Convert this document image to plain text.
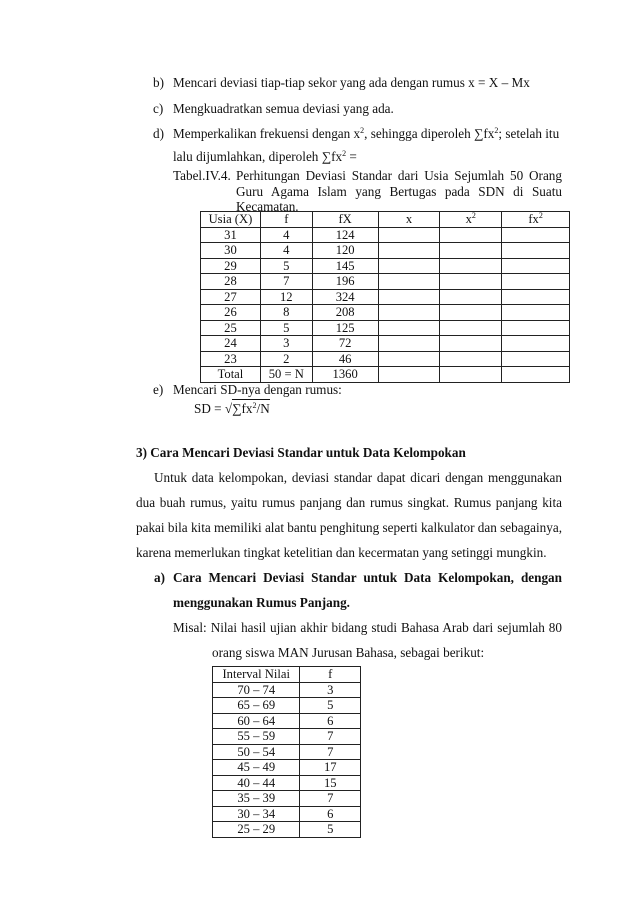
b) Mencari deviasi tiap-tiap sekor yang ada dengan rumus x = X – Mx
c) Mengkuadratkan semua deviasi yang ada.
d) Memperkalikan frekuensi dengan $x^2$, sehingga diperoleh $\sum fx^2$; setelah itu
lalu dijumlahkan, diperoleh $\sum fx^2$ =
Tabel.IV.4. Perhitungan Deviasi Standar dari Usia Sejumlah 50 Orang
Guru Agama Islam yang Bertugas pada SDN di Suatu
Kecamatan.
Usia (X)	f	fX	x	$x^2$	$fx^2$
31	4	124			
30	4	120			
29	5	145			
28	7	196			
27	12	324			
26	8	208			
25	5	125			
24	3	72			
23	2	46			
Total	50 = N	1360			
e) Mencari SD-nya dengan rumus:
SD = $√\sum fx^2/N$
3) Cara Mencari Deviasi Standar untuk Data Kelompokan
Untuk data kelompokan, deviasi standar dapat dicari dengan menggunakan
dua buah rumus, yaitu rumus panjang dan rumus singkat. Rumus panjang kita
pakai bila kita memiliki alat bantu penghitung seperti kalkulator dan sebagainya,
karena memerlukan tingkat ketelitian dan kecermatan yang setinggi mungkin.
a) Cara Mencari Deviasi Standar untuk Data Kelompokan, dengan
menggunakan Rumus Panjang.
Misal: Nilai hasil ujian akhir bidang studi Bahasa Arab dari sejumlah 80
orang siswa MAN Jurusan Bahasa, sebagai berikut:
Interval Nilai	f
70 – 74	3
65 – 69	5
60 – 64	6
55 – 59	7
50 – 54	7
45 – 49	17
40 – 44	15
35 – 39	7
30 – 34	6
25 – 29	5
